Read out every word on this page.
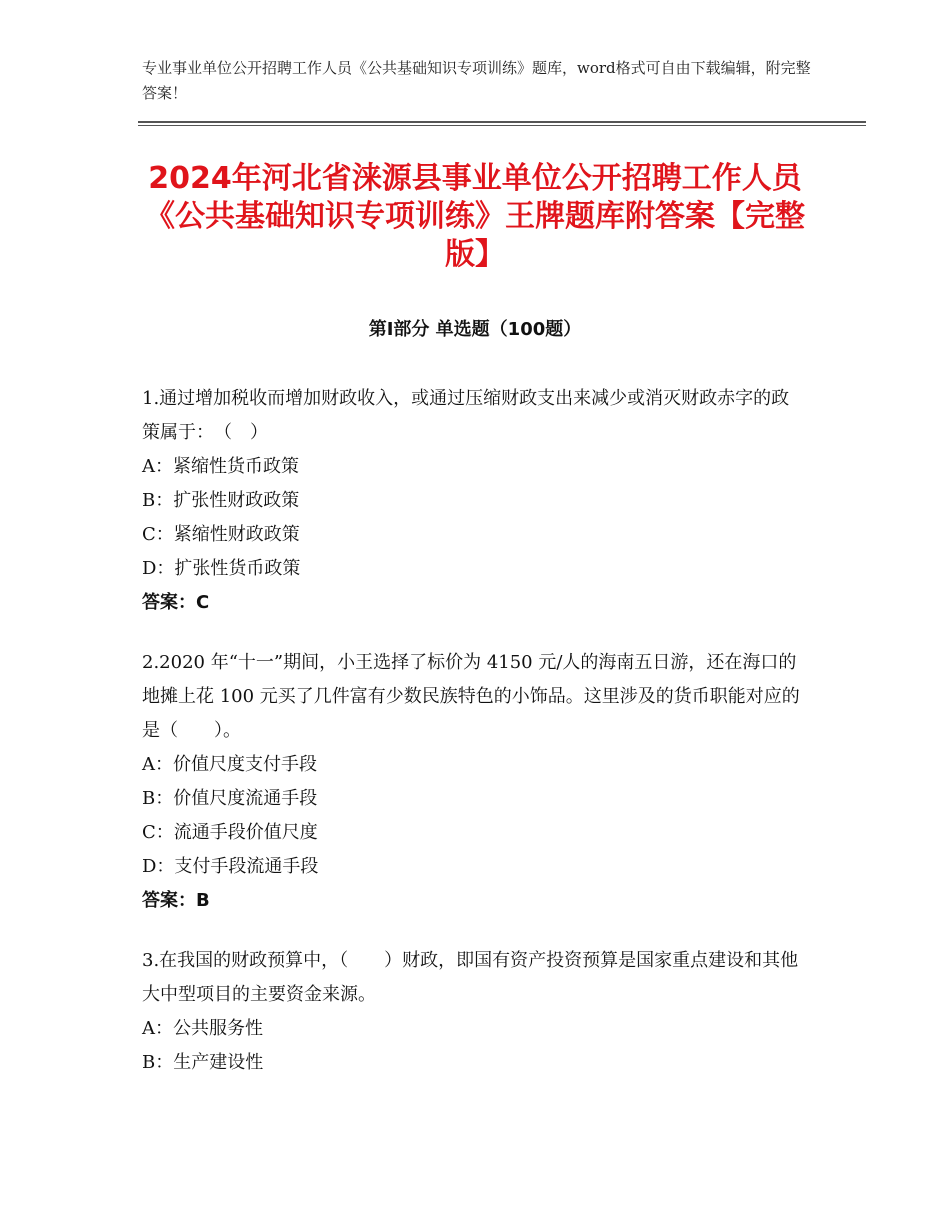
专业事业单位公开招聘工作人员《公共基础知识专项训练》题库，word格式可自由下载编辑，附完整答案！
2024年河北省涞源县事业单位公开招聘工作人员《公共基础知识专项训练》王牌题库附答案【完整版】
第Ⅰ部分 单选题（100题）

1.通过增加税收而增加财政收入，或通过压缩财政支出来减少或消灭财政赤字的政策属于：　（　）

A：紧缩性货币政策
B：扩张性财政政策
C：紧缩性财政政策
D：扩张性货币政策
答案：C

2.2020 年“十一”期间，小王选择了标价为 4150 元/人的海南五日游，还在海口的地摊上花 100 元买了几件富有少数民族特色的小饰品。这里涉及的货币职能对应的是（　　）。

A：价值尺度支付手段
B：价值尺度流通手段
C：流通手段价值尺度
D：支付手段流通手段
答案：B

3.在我国的财政预算中，（　　）财政，即国有资产投资预算是国家重点建设和其他大中型项目的主要资金来源。

A：公共服务性
B：生产建设性
